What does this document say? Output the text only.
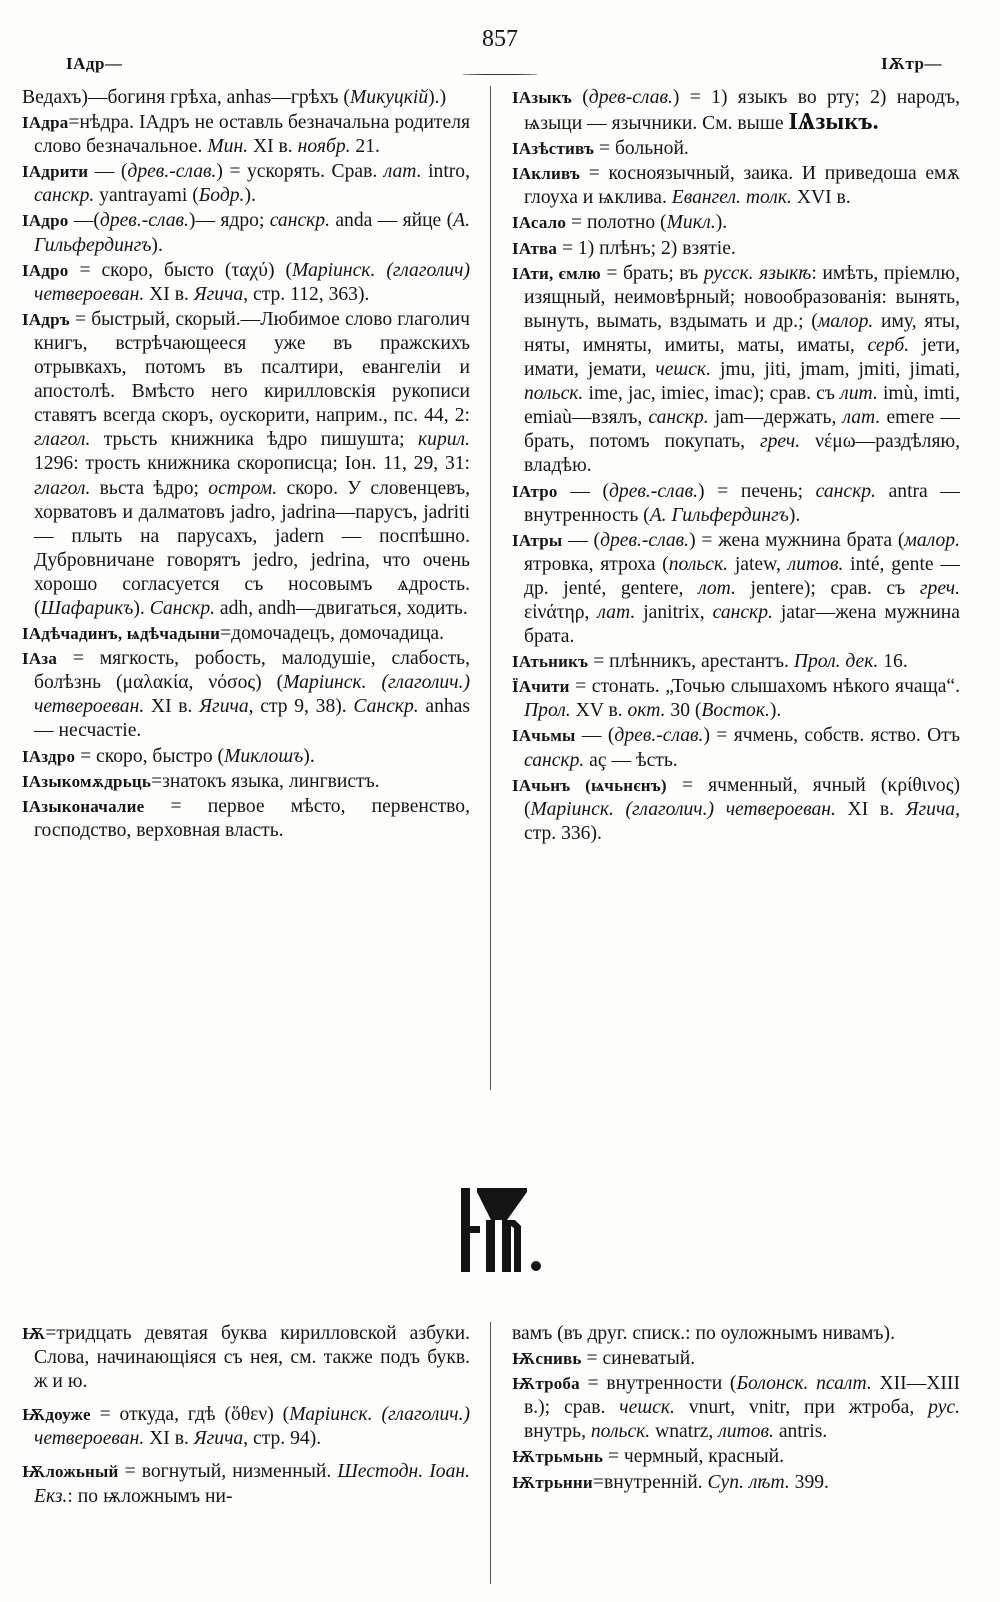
ІАдр—
857
ІѪтр—

Ведахъ)—богиня грѣха, anhas—грѣхъ (Микуцкій).)

ІАдра=нѣдра. ІАдръ не оставль безначальна родителя слово безначальное. Мин. XI в. ноябр. 21.

ІАдрити — (древ.-слав.) = ускорять. Срав. лат. intro, санскр. yantrayami (Бодр.).

ІАдро —(древ.-слав.)— ядро; санскр. anda — яйце (А. Гильфердингъ).

ІАдро = скоро, бысто (ταχύ) (Маріинск. (глаголич) четвероеван. XI в. Ягича, стр. 112, 363).

ІАдръ = быстрый, скорый.—Любимое слово глаголич книгъ, встрѣчающееся уже въ пражскихъ отрывкахъ, потомъ въ псалтири, евангеліи и апостолѣ. Вмѣсто него кирилловскія рукописи ставятъ всегда скоръ, оускорити, наприм., пс. 44, 2: глагол. трьсть книжника ѣдро пишушта; кирил. 1296: трость книжника скорописца; Іон. 11, 29, 31: глагол. вьста ѣдро; остром. скоро. У словенцевъ, хорватовъ и далматовъ jadro, jadrina—парусъ, jadriti — плыть на парусахъ, jadern — поспѣшно. Дубровничане говорятъ jedro, jedrina, что очень хорошо согласуется съ носовымъ ѧдрость. (Шафарикъ). Санскр. adh, andh—двигаться, ходить.

ІАдѣчадинъ, ѩдѣчадыни=домочадецъ, домочадица.

ІАза = мягкость, робость, малодушіе, слабость, болѣзнь (μαλακία, νόσος) (Маріинск. (глаголич.) четвероеван. XI в. Ягича, стр 9, 38). Санскр. anhas — несчастіе.

ІАздро = скоро, быстро (Миклошъ).

ІАзыкомѫдрьць=знатокъ языка, лингвистъ.

ІАзыконачалие = первое мѣсто, первенство, господство, верховная власть.

ІАзыкъ (древ-слав.) = 1) языкъ во рту; 2) народъ, ѩзыци — язычники. См. выше ІѦзыкъ.

ІАзѣстивъ = больной.

ІАкливъ = косноязычный, заика. И приведоша емѫ глоуха и ѩклива. Евангел. толк. XVI в.

ІАсало = полотно (Микл.).

ІАтва = 1) плѣнъ; 2) взятіе.

ІАти, ємлю = брать; въ русск. языкѣ: имѣть, пріемлю, изящный, неимовѣрный; новообразованія: вынять, вынуть, вымать, вздымать и др.; (малор. иму, яты, няты, имняты, имиты, маты, иматы, серб. jети, имати, jемати, чешск. jmu, jiti, jmam, jmiti, jimati, польск. ime, jac, imiec, imac); срав. съ лит. imù, imti, emiaù—взялъ, санскр. jam—держать, лат. emere — брать, потомъ покупать, греч. νέμω—раздѣляю, владѣю.

ІАтро — (древ.-слав.) = печень; санскр. antra — внутренность (А. Гильфердингъ).

ІАтры — (древ.-слав.) = жена мужнина брата (малор. ятровка, ятроха (польск. jatew, литов. inté, gente — др. jenté, gentere, лот. jentere); срав. съ греч. εἰνάτηρ, лат. janitrix, санскр. jatar—жена мужнина брата.

ІАтьникъ = плѣнникъ, арестантъ. Прол. дек. 16.

ЇАчити = стонать. „Точью слышахомъ нѣкого ячаща“. Прол. XV в. окт. 30 (Восток.).

ІАчьмы — (древ.-слав.) = ячмень, собств. яство. Отъ санскр. aç — ѣсть.

ІАчьнъ (ѩчьнєнъ) = ячменный, ячный (κρίθινος) (Маріинск. (глаголич.) четвероеван. XI в. Ягича, стр. 336).

Ѭ=тридцать девятая буква кирилловской азбуки. Слова, начинающіяся съ нея, см. также подъ букв. ж и ю.

Ѭдоуже = откуда, гдѣ (ὅθεν) (Маріинск. (глаголич.) четвероеван. XI в. Ягича, стр. 94).

Ѭложьный = вогнутый, низменный. Шестодн. Іоан. Екз.: по ѭложнымъ ни-

вамъ (въ друг. списк.: по оуложнымъ нивамъ).

Ѭснивь = синеватый.

Ѭтроба = внутренности (Болонск. псалт. XII—XIII в.); срав. чешск. vnurt, vnitr, при жтроба, рус. внутрь, польск. wnatrz, литов. antris.

Ѭтрьмьнь = чермный, красный.

Ѭтрьнни=внутренній. Суп. лѣт. 399.
